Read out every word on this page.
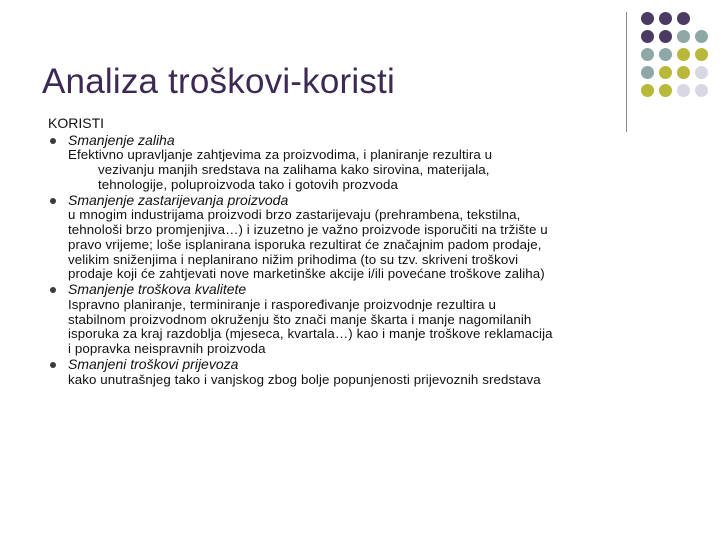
Analiza troškovi-koristi
KORISTI
Smanjenje zaliha
Efektivno upravljanje zahtjevima za proizvodima, i planiranje rezultira u
vezivanju manjih sredstava na zalihama kako sirovina, materijala,
tehnologije, poluproizvoda tako i gotovih prozvoda
Smanjenje zastarijevanja proizvoda
u mnogim industrijama proizvodi brzo zastarijevaju (prehrambena, tekstilna,
tehnološi brzo promjenjiva…) i izuzetno je važno proizvode isporučiti na tržište u
pravo vrijeme; loše isplanirana isporuka rezultirat će značajnim padom prodaje,
velikim sniženjima i neplanirano nižim prihodima (to su tzv. skriveni troškovi
prodaje koji će zahtjevati nove marketinške akcije i/ili povećane troškove zaliha)
Smanjenje troškova kvalitete
Ispravno planiranje, terminiranje i raspoređivanje proizvodnje rezultira u
stabilnom proizvodnom okruženju što znači manje škarta i manje nagomilanih
isporuka za kraj razdoblja (mjeseca, kvartala…) kao i manje troškove reklamacija
i popravka neispravnih proizvoda
Smanjeni troškovi prijevoza
kako unutrašnjeg tako i vanjskog zbog bolje popunjenosti prijevoznih sredstava
